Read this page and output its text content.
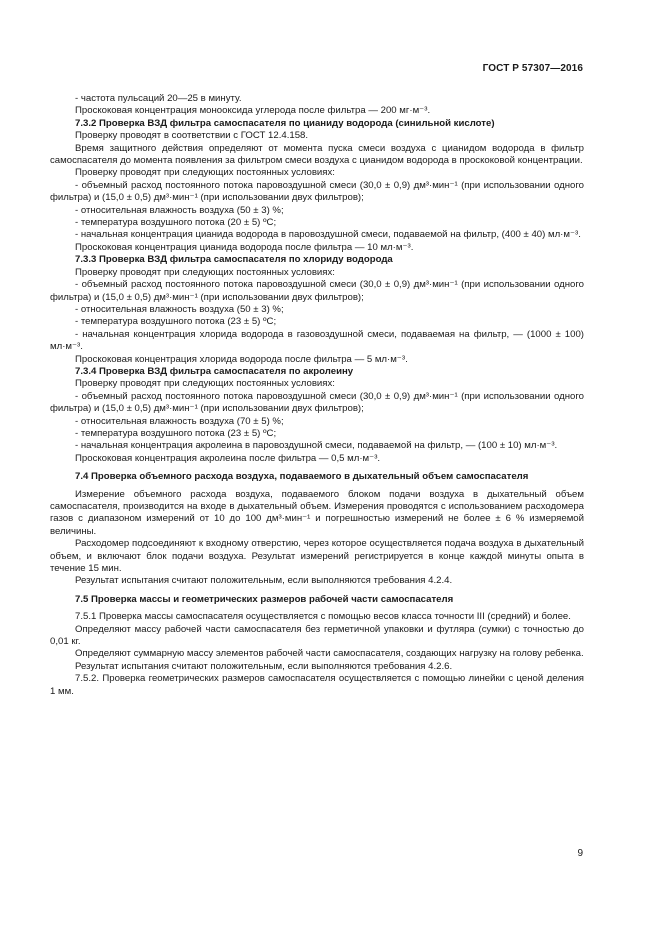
ГОСТ Р 57307—2016

- частота пульсаций 20—25 в минуту.

Проскоковая концентрация монооксида углерода после фильтра — 200 мг·м⁻³.

7.3.2 Проверка ВЗД фильтра самоспасателя по цианиду водорода (синильной кислоте)

Проверку проводят в соответствии с ГОСТ 12.4.158.

Время защитного действия определяют от момента пуска смеси воздуха с цианидом водорода в фильтр самоспасателя до момента появления за фильтром смеси воздуха с цианидом водорода в проскоковой концентрации.

Проверку проводят при следующих постоянных условиях:

- объемный расход постоянного потока паровоздушной смеси (30,0 ± 0,9) дм³·мин⁻¹ (при использовании одного фильтра) и (15,0 ± 0,5) дм³·мин⁻¹ (при использовании двух фильтров);

- относительная влажность воздуха (50 ± 3) %;

- температура воздушного потока (20 ± 5) ºС;

- начальная концентрация цианида водорода в паровоздушной смеси, подаваемой на фильтр, (400 ± 40) мл·м⁻³.

Проскоковая концентрация цианида водорода после фильтра — 10 мл·м⁻³.

7.3.3 Проверка ВЗД фильтра самоспасателя по хлориду водорода

Проверку проводят при следующих постоянных условиях:

- объемный расход постоянного потока паровоздушной смеси (30,0 ± 0,9) дм³·мин⁻¹ (при использовании одного фильтра) и (15,0 ± 0,5) дм³·мин⁻¹ (при использовании двух фильтров);

- относительная влажность воздуха (50 ± 3) %;

- температура воздушного потока (23 ± 5) ºС;

- начальная концентрация хлорида водорода в газовоздушной смеси, подаваемая на фильтр, — (1000 ± 100) мл·м⁻³.

Проскоковая концентрация хлорида водорода после фильтра — 5 мл·м⁻³.

7.3.4 Проверка ВЗД фильтра самоспасателя по акролеину

Проверку проводят при следующих постоянных условиях:

- объемный расход постоянного потока паровоздушной смеси (30,0 ± 0,9) дм³·мин⁻¹ (при использовании одного фильтра) и (15,0 ± 0,5) дм³·мин⁻¹ (при использовании двух фильтров);

- относительная влажность воздуха (70 ± 5) %;

- температура воздушного потока (23 ± 5) ºС;

- начальная концентрация акролеина в паровоздушной смеси, подаваемой на фильтр, — (100 ± 10) мл·м⁻³.

Проскоковая концентрация акролеина после фильтра — 0,5 мл·м⁻³.

7.4 Проверка объемного расхода воздуха, подаваемого в дыхательный объем самоспасателя

Измерение объемного расхода воздуха, подаваемого блоком подачи воздуха в дыхательный объем самоспасателя, производится на входе в дыхательный объем. Измерения проводятся с использованием расходомера газов с диапазоном измерений от 10 до 100 дм³·мин⁻¹ и погрешностью измерений не более ± 6 % измеряемой величины.

Расходомер подсоединяют к входному отверстию, через которое осуществляется подача воздуха в дыхательный объем, и включают блок подачи воздуха. Результат измерений регистрируется в конце каждой минуты опыта в течение 15 мин.

Результат испытания считают положительным, если выполняются требования 4.2.4.

7.5 Проверка массы и геометрических размеров рабочей части самоспасателя

7.5.1 Проверка массы самоспасателя осуществляется с помощью весов класса точности III (средний) и более.

Определяют массу рабочей части самоспасателя без герметичной упаковки и футляра (сумки) с точностью до 0,01 кг.

Определяют суммарную массу элементов рабочей части самоспасателя, создающих нагрузку на голову ребенка.

Результат испытания считают положительным, если выполняются требования 4.2.6.

7.5.2. Проверка геометрических размеров самоспасателя осуществляется с помощью линейки с ценой деления 1 мм.

9
